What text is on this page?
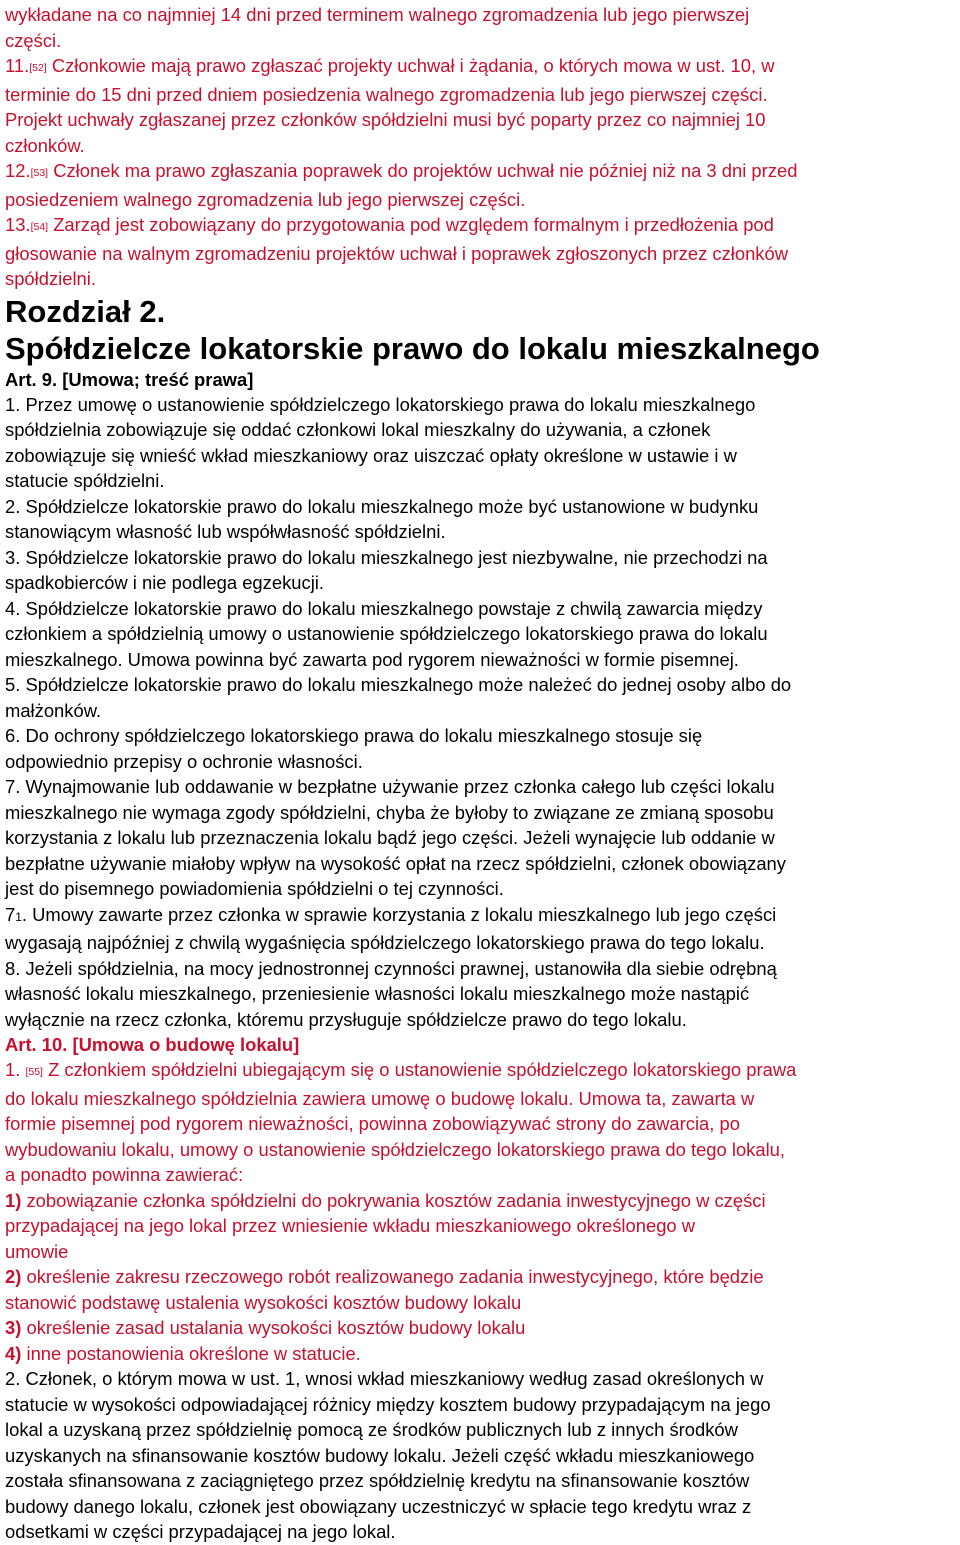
wykładane na co najmniej 14 dni przed terminem walnego zgromadzenia lub jego pierwszej

części.

11.[52] Członkowie mają prawo zgłaszać projekty uchwał i żądania, o których mowa w ust. 10, w

terminie do 15 dni przed dniem posiedzenia walnego zgromadzenia lub jego pierwszej części.

Projekt uchwały zgłaszanej przez członków spółdzielni musi być poparty przez co najmniej 10

członków.

12.[53] Członek ma prawo zgłaszania poprawek do projektów uchwał nie później niż na 3 dni przed

posiedzeniem walnego zgromadzenia lub jego pierwszej części.

13.[54] Zarząd jest zobowiązany do przygotowania pod względem formalnym i przedłożenia pod

głosowanie na walnym zgromadzeniu projektów uchwał i poprawek zgłoszonych przez członków

spółdzielni.

Rozdział 2.

Spółdzielcze lokatorskie prawo do lokalu mieszkalnego

Art. 9. [Umowa; treść prawa]

1. Przez umowę o ustanowienie spółdzielczego lokatorskiego prawa do lokalu mieszkalnego

spółdzielnia zobowiązuje się oddać członkowi lokal mieszkalny do używania, a członek

zobowiązuje się wnieść wkład mieszkaniowy oraz uiszczać opłaty określone w ustawie i w

statucie spółdzielni.

2. Spółdzielcze lokatorskie prawo do lokalu mieszkalnego może być ustanowione w budynku

stanowiącym własność lub współwłasność spółdzielni.

3. Spółdzielcze lokatorskie prawo do lokalu mieszkalnego jest niezbywalne, nie przechodzi na

spadkobierców i nie podlega egzekucji.

4. Spółdzielcze lokatorskie prawo do lokalu mieszkalnego powstaje z chwilą zawarcia między

członkiem a spółdzielnią umowy o ustanowienie spółdzielczego lokatorskiego prawa do lokalu

mieszkalnego. Umowa powinna być zawarta pod rygorem nieważności w formie pisemnej.

5. Spółdzielcze lokatorskie prawo do lokalu mieszkalnego może należeć do jednej osoby albo do

małżonków.

6. Do ochrony spółdzielczego lokatorskiego prawa do lokalu mieszkalnego stosuje się

odpowiednio przepisy o ochronie własności.

7. Wynajmowanie lub oddawanie w bezpłatne używanie przez członka całego lub części lokalu

mieszkalnego nie wymaga zgody spółdzielni, chyba że byłoby to związane ze zmianą sposobu

korzystania z lokalu lub przeznaczenia lokalu bądź jego części. Jeżeli wynajęcie lub oddanie w

bezpłatne używanie miałoby wpływ na wysokość opłat na rzecz spółdzielni, członek obowiązany

jest do pisemnego powiadomienia spółdzielni o tej czynności.

71. Umowy zawarte przez członka w sprawie korzystania z lokalu mieszkalnego lub jego części

wygasają najpóźniej z chwilą wygaśnięcia spółdzielczego lokatorskiego prawa do tego lokalu.

8. Jeżeli spółdzielnia, na mocy jednostronnej czynności prawnej, ustanowiła dla siebie odrębną

własność lokalu mieszkalnego, przeniesienie własności lokalu mieszkalnego może nastąpić

wyłącznie na rzecz członka, któremu przysługuje spółdzielcze prawo do tego lokalu.

Art. 10. [Umowa o budowę lokalu]

1. [55] Z członkiem spółdzielni ubiegającym się o ustanowienie spółdzielczego lokatorskiego prawa

do lokalu mieszkalnego spółdzielnia zawiera umowę o budowę lokalu. Umowa ta, zawarta w

formie pisemnej pod rygorem nieważności, powinna zobowiązywać strony do zawarcia, po

wybudowaniu lokalu, umowy o ustanowienie spółdzielczego lokatorskiego prawa do tego lokalu,

a ponadto powinna zawierać:

1) zobowiązanie członka spółdzielni do pokrywania kosztów zadania inwestycyjnego w części

przypadającej na jego lokal przez wniesienie wkładu mieszkaniowego określonego w

umowie

2) określenie zakresu rzeczowego robót realizowanego zadania inwestycyjnego, które będzie

stanowić podstawę ustalenia wysokości kosztów budowy lokalu

3) określenie zasad ustalania wysokości kosztów budowy lokalu

4) inne postanowienia określone w statucie.

2. Członek, o którym mowa w ust. 1, wnosi wkład mieszkaniowy według zasad określonych w

statucie w wysokości odpowiadającej różnicy między kosztem budowy przypadającym na jego

lokal a uzyskaną przez spółdzielnię pomocą ze środków publicznych lub z innych środków

uzyskanych na sfinansowanie kosztów budowy lokalu. Jeżeli część wkładu mieszkaniowego

została sfinansowana z zaciągniętego przez spółdzielnię kredytu na sfinansowanie kosztów

budowy danego lokalu, członek jest obowiązany uczestniczyć w spłacie tego kredytu wraz z

odsetkami w części przypadającej na jego lokal.
